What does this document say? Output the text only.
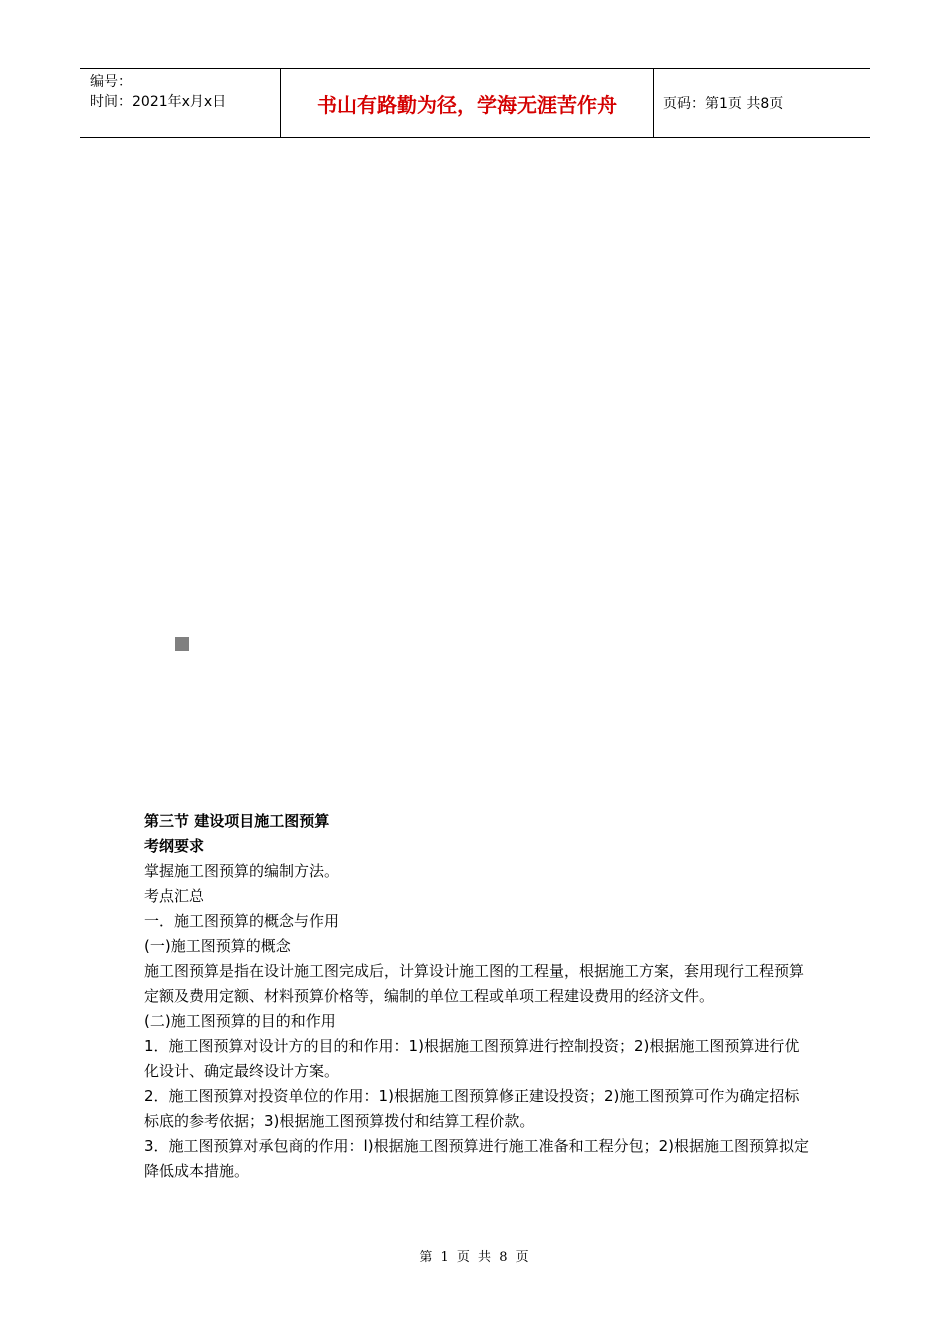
编号：
时间：2021年x月x日	书山有路勤为径，学海无涯苦作舟	页码：第1页 共8页

第三节 建设项目施工图预算

考纲要求

掌握施工图预算的编制方法。

考点汇总

一．施工图预算的概念与作用

(一)施工图预算的概念

施工图预算是指在设计施工图完成后，计算设计施工图的工程量，根据施工方案，套用现行工程预算定额及费用定额、材料预算价格等，编制的单位工程或单项工程建设费用的经济文件。

(二)施工图预算的目的和作用

1．施工图预算对设计方的目的和作用：1)根据施工图预算进行控制投资；2)根据施工图预算进行优化设计、确定最终设计方案。

2．施工图预算对投资单位的作用：1)根据施工图预算修正建设投资；2)施工图预算可作为确定招标标底的参考依据；3)根据施工图预算拨付和结算工程价款。

3．施工图预算对承包商的作用：l)根据施工图预算进行施工准备和工程分包；2)根据施工图预算拟定降低成本措施。

第 1 页 共 8 页
